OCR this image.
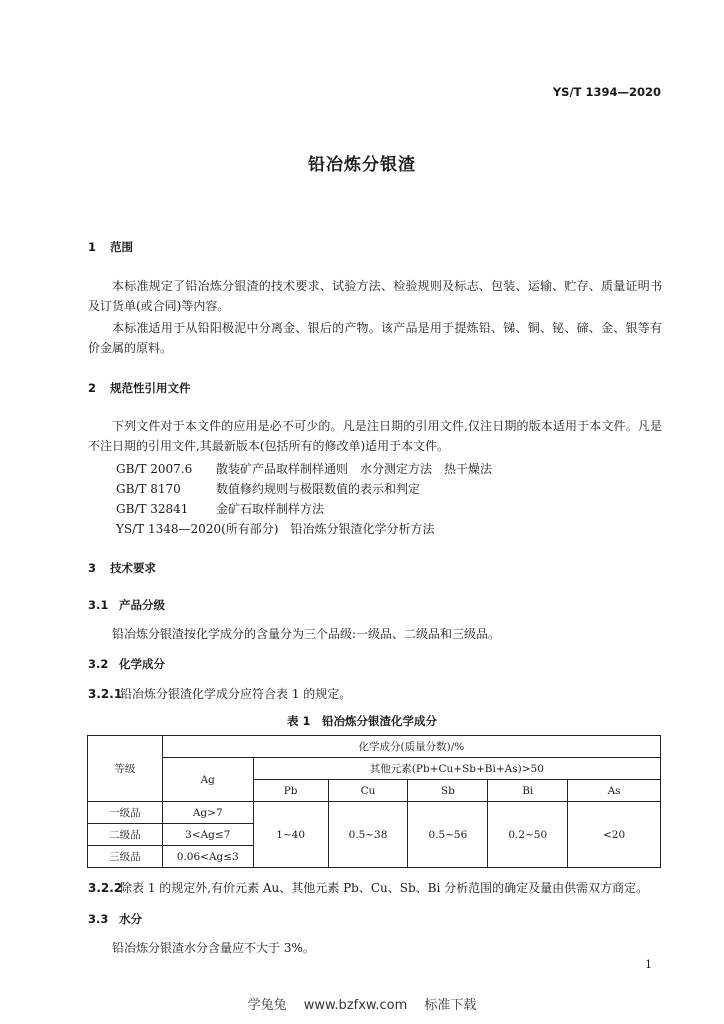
YS/T 1394—2020
铅冶炼分银渣
1 范围
本标准规定了铅冶炼分银渣的技术要求、试验方法、检验规则及标志、包装、运输、贮存、质量证明书及订货单(或合同)等内容。
本标准适用于从铅阳极泥中分离金、银后的产物。该产品是用于提炼铅、锑、铜、铋、碲、金、银等有价金属的原料。
2 规范性引用文件
下列文件对于本文件的应用是必不可少的。凡是注日期的引用文件,仅注日期的版本适用于本文件。凡是不注日期的引用文件,其最新版本(包括所有的修改单)适用于本文件。
GB/T 2007.6　 散装矿产品取样制样通则　水分测定方法　热干燥法
GB/T 8170　	数值修约规则与极限数值的表示和判定
GB/T 32841　 金矿石取样制样方法
YS/T 1348—2020(所有部分)　 铅冶炼分银渣化学分析方法
3 技术要求
3.1 产品分级
铅冶炼分银渣按化学成分的含量分为三个品级:一级品、二级品和三级品。
3.2 化学成分
3.2.1铅冶炼分银渣化学成分应符合表 1 的规定。
表 1　铅冶炼分银渣化学成分
等级	化学成分(质量分数)/%					
	Ag	其他元素(Pb+Cu+Sb+Bi+As)>50				
		Pb	Cu	Sb	Bi	As
一级品	Ag>7	1~40	0.5~38	0.5~56	0.2~50	<20
二级品	3<Ag≤7					
三级品	0.06<Ag≤3					
3.2.2除表 1 的规定外,有价元素 Au、其他元素 Pb、Cu、Sb、Bi 分析范围的确定及量由供需双方商定。
3.3 水分
铅冶炼分银渣水分含量应不大于 3%。
1
学兔兔　 www.bzfxw.com　 标准下载
